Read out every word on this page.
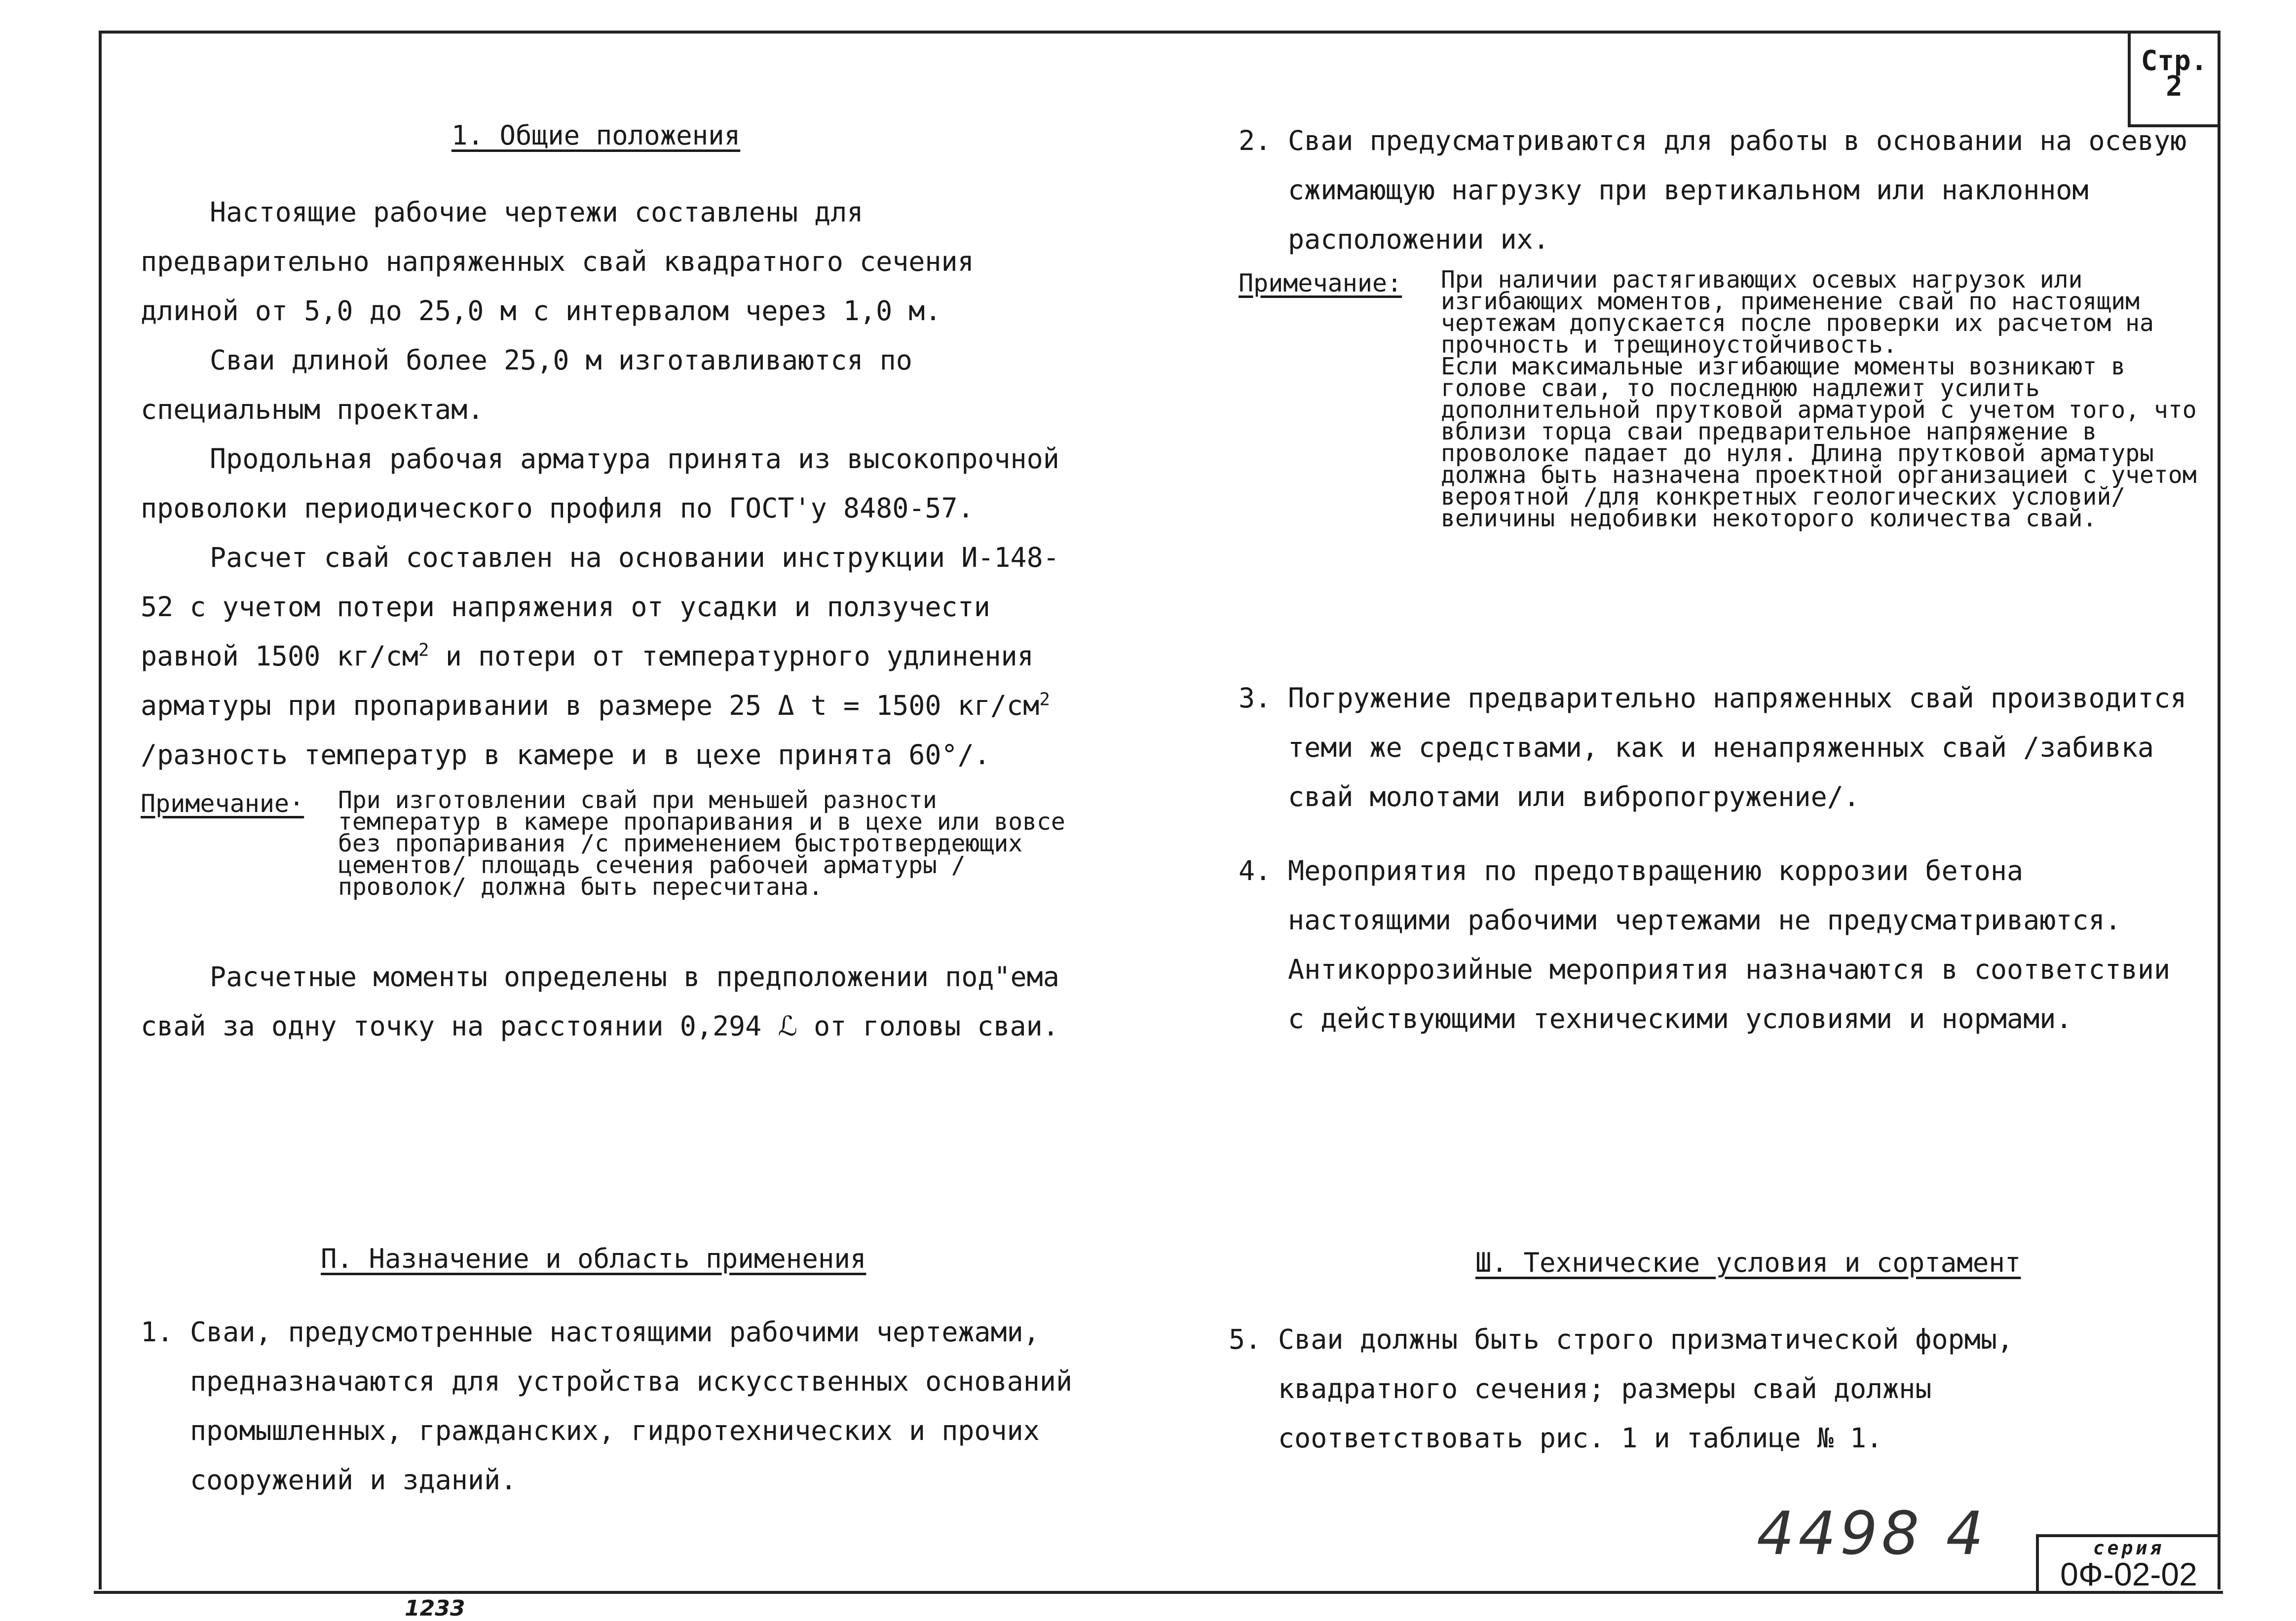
Стр.
2
1. Общие положения

Настоящие рабочие чертежи составлены для предварительно напряженных свай квадратного сечения длиной от 5,0 до 25,0 м с интервалом через 1,0 м.

Сваи длиной более 25,0 м изготавливаются по специальным проектам.

Продольная рабочая арматура принята из высокопрочной проволоки периодического профиля по ГОСТ'у 8480-57.

Расчет свай составлен на основании инструкции И-148-52 с учетом потери напряжения от усадки и ползучести равной 1500 $кг/см^2$ и потери от температурного удлинения арматуры при пропаривании в размере 25 Δ t = 1500 $кг/см^2$ /разность температур в камере и в цехе принята 60°/.

Примечание· При изготовлении свай при меньшей разности температур в камере пропаривания и в цехе или вовсе без пропаривания /с применением быстротвердеющих цементов/ площадь сечения рабочей арматуры /проволок/ должна быть пересчитана.

Расчетные моменты определены в предположении под"ема свай за одну точку на расстоянии 0,294 ℒ от головы сваи.

П. Назначение и область применения
1. Сваи, предусмотренные настоящими рабочими чертежами, предназначаются для устройства искусственных оснований промышленных, гражданских, гидротехнических и прочих сооружений и зданий.
2. Сваи предусматриваются для работы в основании на осевую сжимающую нагрузку при вертикальном или наклонном расположении их.
Примечание: При наличии растягивающих осевых нагрузок или изгибающих моментов, применение свай по настоящим чертежам допускается после проверки их расчетом на прочность и трещиноустойчивость.
Если максимальные изгибающие моменты возникают в голове сваи, то последнюю надлежит усилить дополнительной прутковой арматурой с учетом того, что вблизи торца сваи предварительное напряжение в проволоке падает до нуля. Длина прутковой арматуры должна быть назначена проектной организацией с учетом вероятной /для конкретных геологических условий/ величины недобивки некоторого количества свай.
3. Погружение предварительно напряженных свай производится теми же средствами, как и ненапряженных свай /забивка свай молотами или вибропогружение/.
4. Мероприятия по предотвращению коррозии бетона настоящими рабочими чертежами не предусматриваются. Антикоррозийные мероприятия назначаются в соответствии с действующими техническими условиями и нормами.
Ш. Технические условия и сортамент
5. Сваи должны быть строго призматической формы, квадратного сечения; размеры свай должны соответствовать рис. 1 и таблице № 1.
4498 4	серия
0Ф-02-02
1233
